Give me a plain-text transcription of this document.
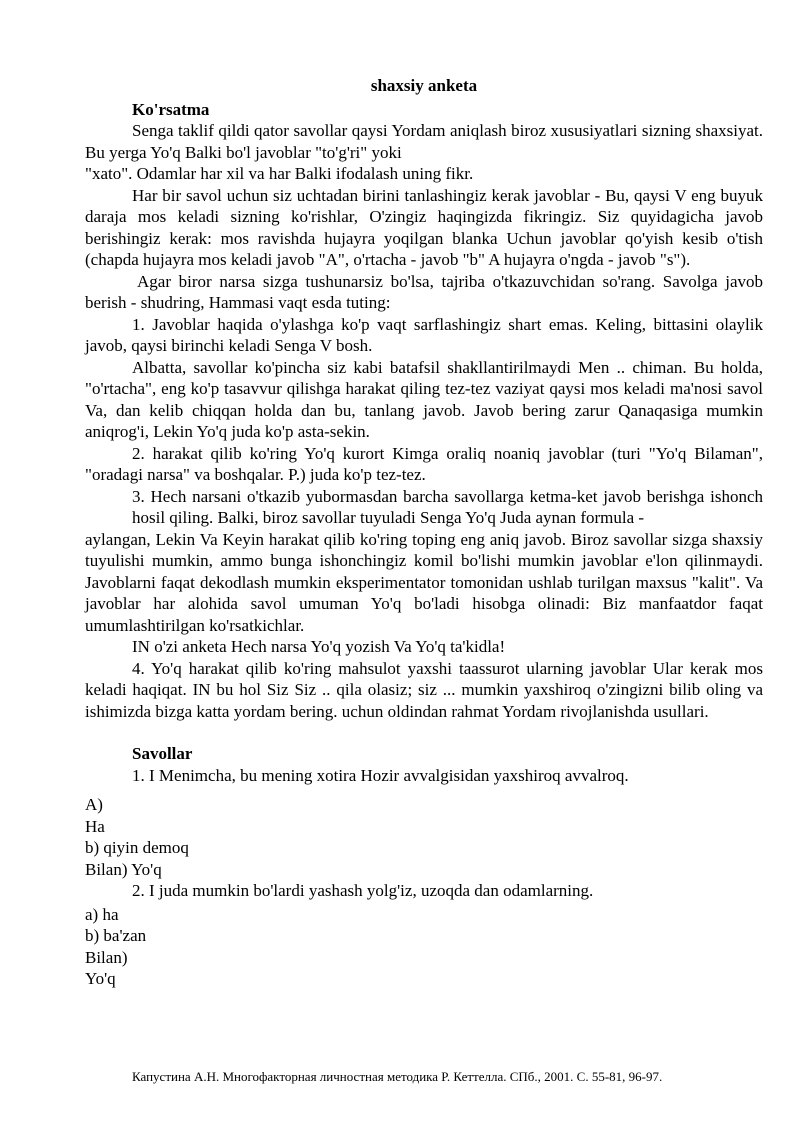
shaxsiy anketa
Ko'rsatma

Senga taklif qildi qator savollar qaysi Yordam aniqlash biroz xususiyatlari sizning shaxsiyat. Bu yerga Yo'q Balki bo'l javoblar "to'g'ri" yoki

"xato". Odamlar har xil va har Balki ifodalash uning fikr.

Har bir savol uchun siz uchtadan birini tanlashingiz kerak javoblar - Bu, qaysi V eng buyuk daraja mos keladi sizning ko'rishlar, O'zingiz haqingizda fikringiz. Siz quyidagicha javob berishingiz kerak: mos ravishda hujayra yoqilgan blanka Uchun javoblar qo'yish kesib o'tish (chapda hujayra mos keladi javob "A", o'rtacha - javob "b" A hujayra o'ngda - javob "s").

Agar biror narsa sizga tushunarsiz bo'lsa, tajriba o'tkazuvchidan so'rang. Savolga javob berish - shudring, Hammasi vaqt esda tuting:

1. Javoblar haqida o'ylashga ko'p vaqt sarflashingiz shart emas. Keling, bittasini olaylik javob, qaysi birinchi keladi Senga V bosh.

Albatta, savollar ko'pincha siz kabi batafsil shakllantirilmaydi Men .. chiman. Bu holda, "o'rtacha", eng ko'p tasavvur qilishga harakat qiling tez-tez vaziyat qaysi mos keladi ma'nosi savol Va, dan kelib chiqqan holda dan bu, tanlang javob. Javob bering zarur Qanaqasiga mumkin aniqrog'i, Lekin Yo'q juda ko'p asta-sekin.

2. harakat qilib ko'ring Yo'q kurort Kimga oraliq noaniq javoblar (turi "Yo'q Bilaman", "oradagi narsa" va boshqalar. P.) juda ko'p tez-tez.

3. Hech narsani o'tkazib yubormasdan barcha savollarga ketma-ket javob berishga ishonch hosil qiling. Balki, biroz savollar tuyuladi Senga Yo'q Juda aynan formula -

aylangan, Lekin Va Keyin harakat qilib ko'ring toping eng aniq javob. Biroz savollar sizga shaxsiy tuyulishi mumkin, ammo bunga ishonchingiz komil bo'lishi mumkin javoblar e'lon qilinmaydi. Javoblarni faqat dekodlash mumkin eksperimentator tomonidan ushlab turilgan maxsus "kalit". Va javoblar har alohida savol umuman Yo'q bo'ladi hisobga olinadi: Biz manfaatdor faqat umumlashtirilgan ko'rsatkichlar.

IN o'zi anketa Hech narsa Yo'q yozish Va Yo'q ta'kidla!

4. Yo'q harakat qilib ko'ring mahsulot yaxshi taassurot ularning javoblar Ular kerak mos keladi haqiqat. IN bu hol Siz Siz .. qila olasiz; siz ... mumkin yaxshiroq o'zingizni bilib oling va ishimizda bizga katta yordam bering. uchun oldindan rahmat Yordam rivojlanishda usullari.

Savollar

1. I Menimcha, bu mening xotira Hozir avvalgisidan yaxshiroq avvalroq.

A)
Ha
b) qiyin demoq
Bilan) Yo'q

2. I juda mumkin bo'lardi yashash yolg'iz, uzoqda dan odamlarning.

a) ha
b) ba'zan
Bilan)
Yo'q
Капустина А.Н. Многофакторная личностная методика Р. Кеттелла. СПб., 2001. С. 55-81, 96-97.
